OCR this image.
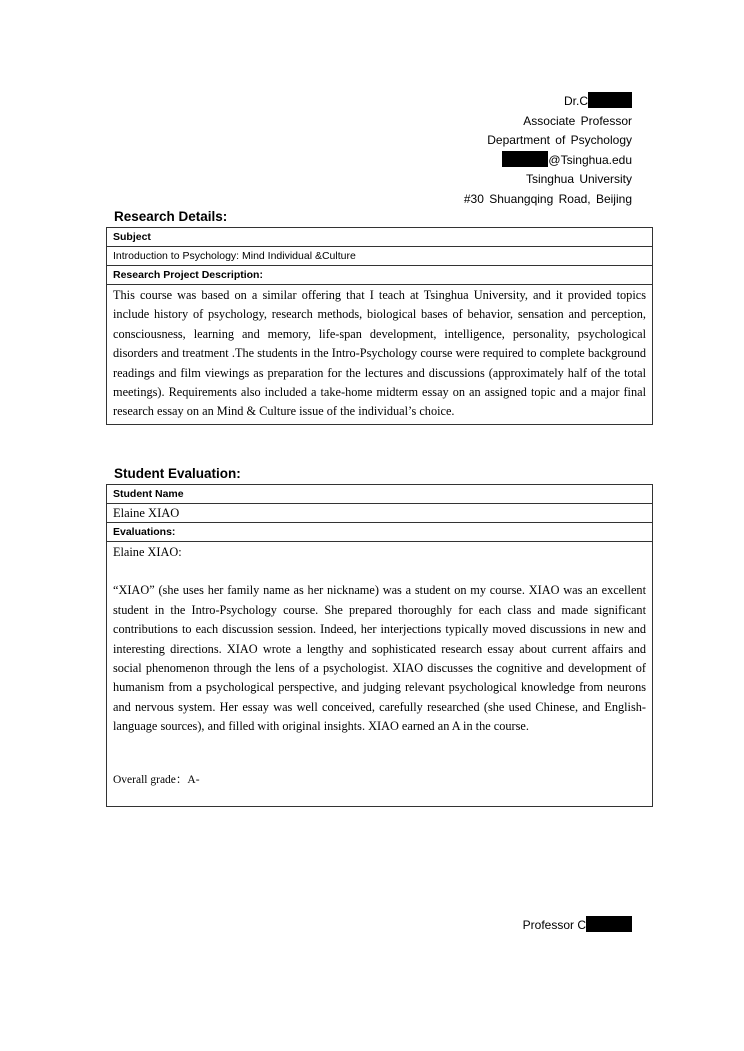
Dr.C
Associate Professor
Department of Psychology
@Tsinghua.edu
Tsinghua University
#30 Shuangqing Road, Beijing
Research Details:
Subject
Introduction to Psychology: Mind Individual &Culture
Research Project Description:
This course was based on a similar offering that I teach at Tsinghua University, and it provided topics include history of psychology, research methods, biological bases of behavior, sensation and perception, consciousness, learning and memory, life-span development, intelligence, personality, psychological disorders and treatment .The students in the Intro-Psychology course were required to complete background readings and film viewings as preparation for the lectures and discussions (approximately half of the total meetings). Requirements also included a take-home midterm essay on an assigned topic and a major final research essay on an Mind & Culture issue of the individual’s choice.
Student Evaluation:
Student Name
Elaine XIAO
Evaluations:
Elaine XIAO:
“XIAO” (she uses her family name as her nickname) was a student on my course. XIAO was an excellent student in the Intro-Psychology course. She prepared thoroughly for each class and made significant contributions to each discussion session. Indeed, her interjections typically moved discussions in new and interesting directions. XIAO wrote a lengthy and sophisticated research essay about current affairs and social phenomenon through the lens of a psychologist. XIAO discusses the cognitive and development of humanism from a psychological perspective, and judging relevant psychological knowledge from neurons and nervous system. Her essay was well conceived, carefully researched (she used Chinese, and English-language sources), and filled with original insights. XIAO earned an A in the course.
Overall grade：A-
Professor C
